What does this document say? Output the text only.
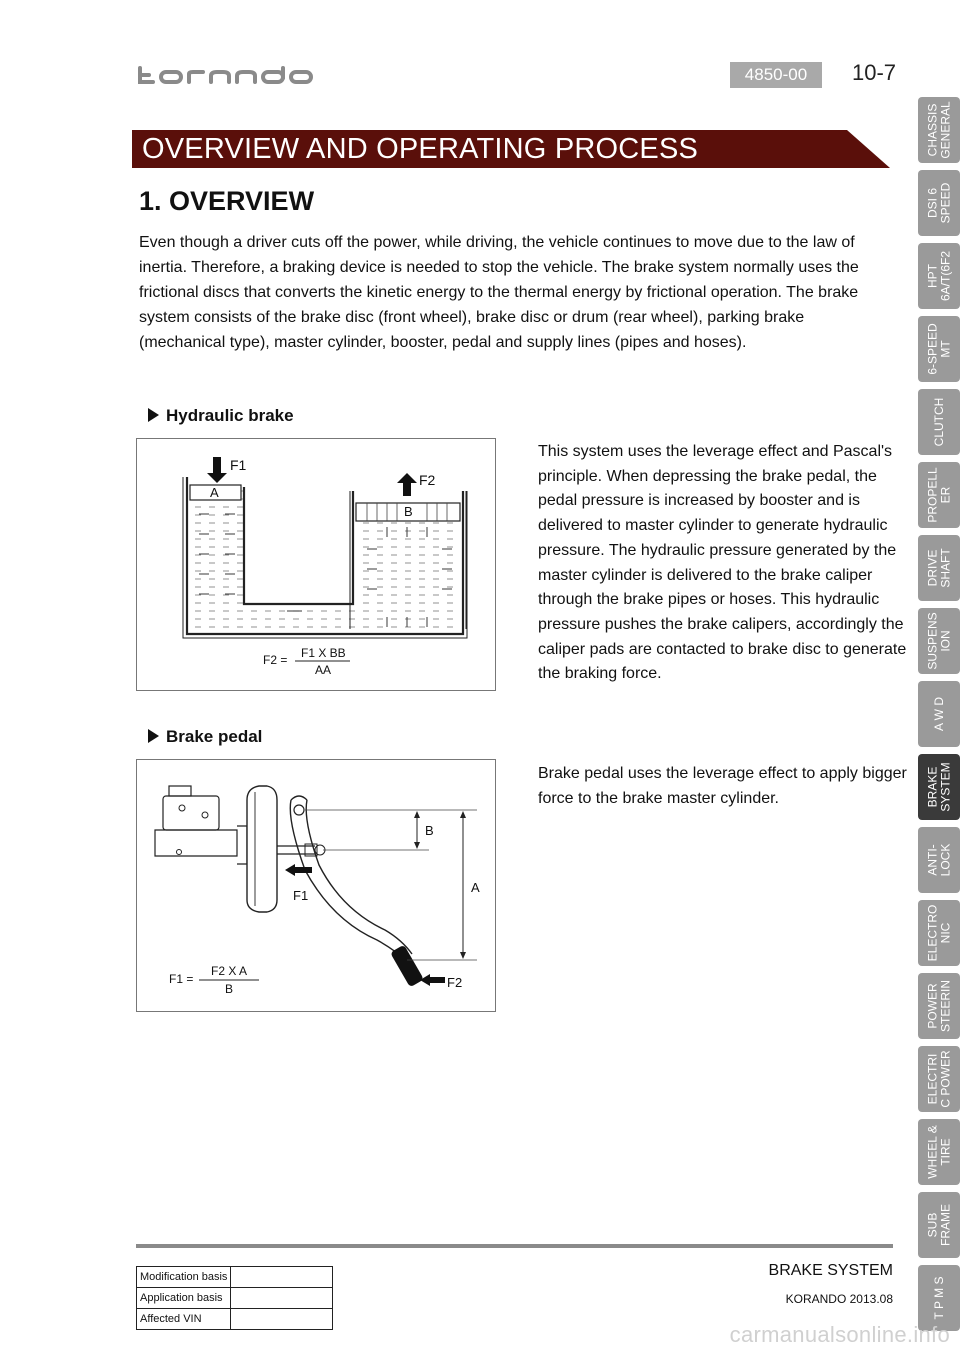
4850-00	10-7
OVERVIEW AND OPERATING PROCESS
1. OVERVIEW
Even though a driver cuts off the power, while driving, the vehicle continues to move due to the law of inertia. Therefore, a braking device is needed to stop the vehicle. The brake system normally uses the frictional discs that converts the kinetic energy to the thermal energy by frictional operation. The brake system consists of the brake disc (front wheel), brake disc or drum (rear wheel), parking brake (mechanical type), master cylinder, booster, pedal and supply lines (pipes and hoses).
Hydraulic brake
F1
F2
A
B
F2 = F1 X BB
AA
This system uses the leverage effect and Pascal's principle. When depressing the brake pedal, the pedal pressure is increased by booster and is delivered to master cylinder to generate hydraulic pressure. The hydraulic pressure generated by the master cylinder is delivered to the brake caliper through the brake pipes or hoses. This hydraulic pressure pushes the brake calipers, accordingly the caliper pads are contacted to brake disc to generate the braking force.
Brake pedal
B
A
F1
F2
F1 =
F2 X A
B
Brake pedal uses the leverage effect to apply bigger force to the brake master cylinder.
CHASSIS
GENERAL
DSI 6
SPEED
HPT
6A/T(6F2
6-SPEED
MT
CLUTCH
PROPELL
ER
DRIVE
SHAFT
SUSPENS
ION
A W D
BRAKE
SYSTEM
ANTI-
LOCK
ELECTRO
NIC
POWER
STEERIN
ELECTRI
C POWER
WHEEL &
TIRE
SUB
FRAME
T P M S
Modification basis	
Application basis	
Affected VIN	
BRAKE SYSTEM
KORANDO 2013.08
carmanualsonline.info
